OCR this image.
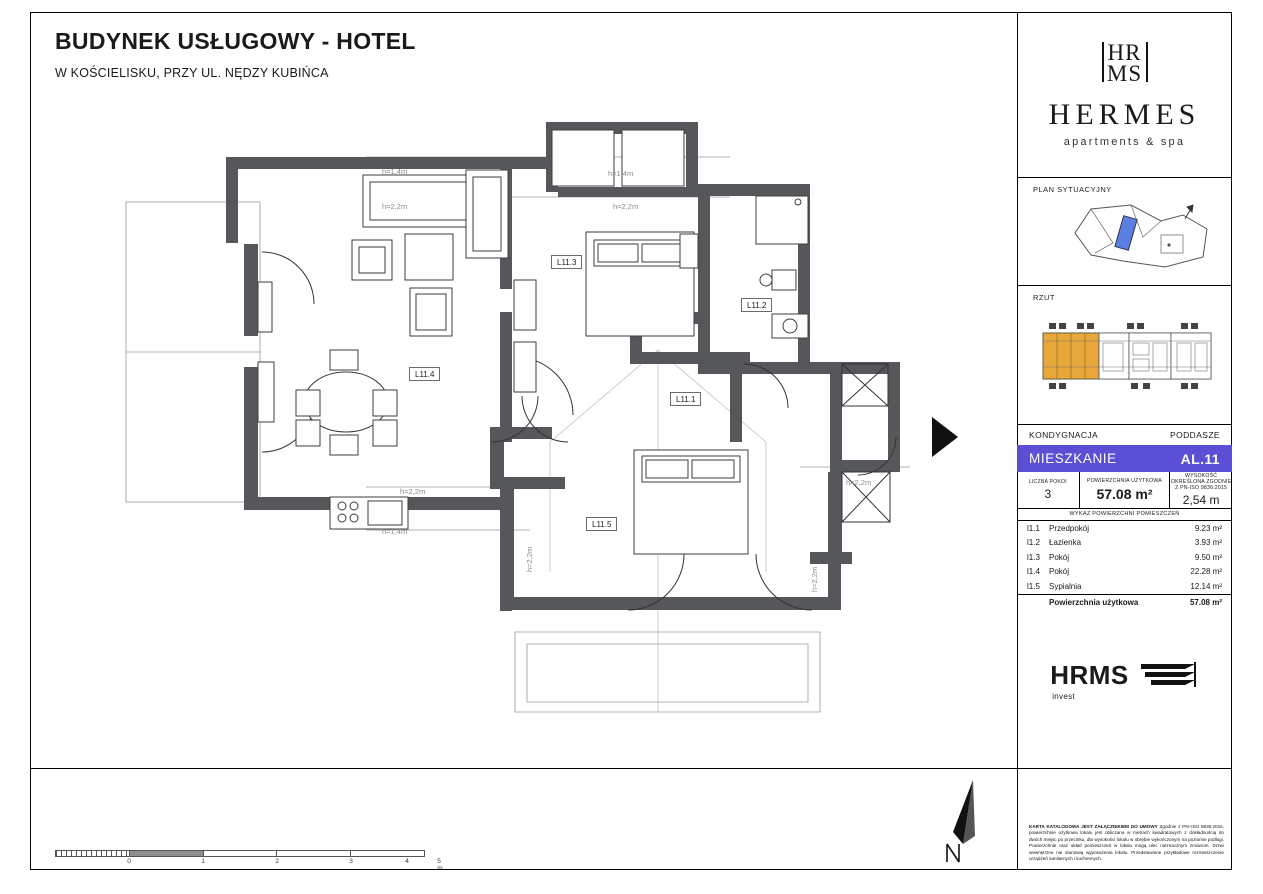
BUDYNEK USŁUGOWY - HOTEL
W KOŚCIELISKU, PRZY UL. NĘDZY KUBIŃCA
L11.1
L11.2
L11.3
L11.4
L11.5
h=1,4m	h=1,4m
h=2,2m	h=2,2m
h=2,2m
h=1,4m
h=2,2m
h=2,2m
h=2,2m
HR
MS
HERMES
apartments & spa
PLAN SYTUACYJNY
RZUT
KONDYGNACJA	PODDASZE
MIESZKANIE	AL.11
LICZBA POKOI
3
POWIERZCHNIA UŻYTKOWA
57.08 m²
WYSOKOŚĆ OKREŚLONA ZGODNIE Z PN-ISO 9836:2015
2,54 m
WYKAZ POWIERZCHNI POMIESZCZEŃ
l1.1	Przedpokój	9.23 m²
l1.2	Łazienka	3.93 m²
l1.3	Pokój	9.50 m²
l1.4	Pokój	22.28 m²
l1.5	Sypialnia	12.14 m²
Powierzchnia użytkowa	57.08 m²
HRMS
invest
KARTA KATALOGOWA JEST ZAŁĄCZNIKIEM DO UMOWY Zgodnie z PN–ISO 9836:2015, powierzchnie użytkowa lokalu jest obliczana w metrach kwadratowych z dokładnością do dwóch miejsc po przecinku, dla wysokości lokalu w obrębie wykończonym na poziomie podłogi. Powierzchnie oraz układ pomieszczeń w lokalu mogą ulec nieznacznym zmianom. Drzwi wewnętrzne nie stanowią wyposażenia lokalu. Przedstawione przykładowe rozmieszczenie urządzeń sanitarnych i kuchennych.
0	1	2	3	4	5 m
